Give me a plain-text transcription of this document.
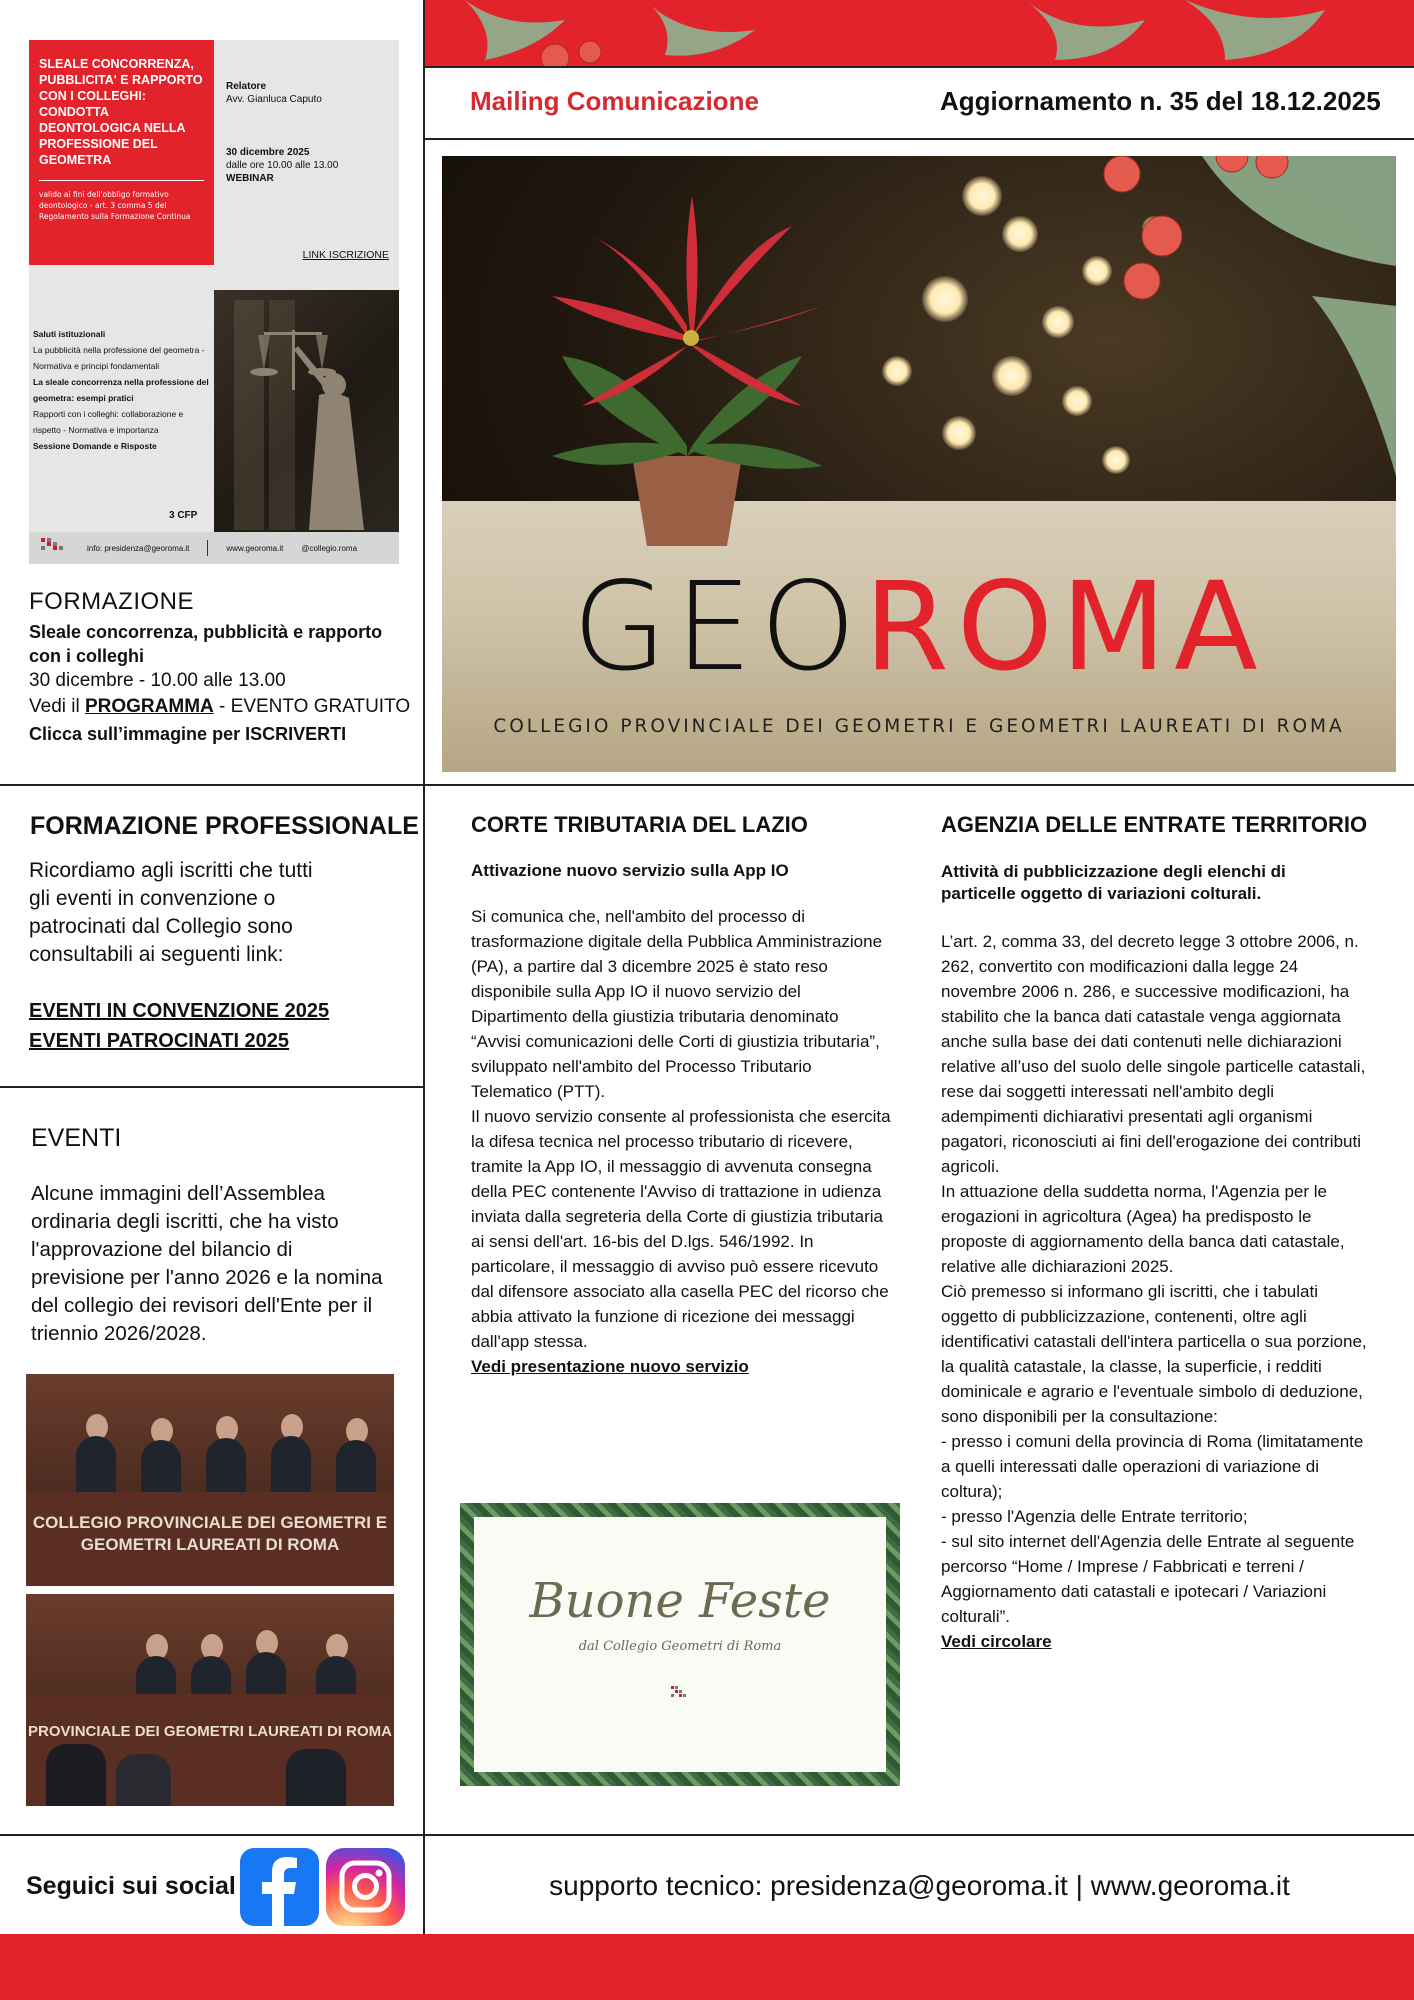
SLEALE CONCORRENZA, PUBBLICITA' E RAPPORTO CON I COLLEGHI: CONDOTTA DEONTOLOGICA NELLA PROFESSIONE DEL GEOMETRA

valido ai fini dell'obbligo formativo deontologico - art. 3 comma 5 del Regolamento sulla Formazione Continua

Relatore
Avv. Gianluca Caputo
30 dicembre 2025
dalle ore 10.00 alle 13.00
WEBINAR
LINK ISCRIZIONE
Saluti istituzionali
La pubblicità nella professione del geometra - Normativa e principi fondamentali
La sleale concorrenza nella professione del geometra: esempi pratici
Rapporti con i colleghi: collaborazione e rispetto - Normativa e importanza
Sessione Domande e Risposte
3 CFP
info: presidenza@georoma.it	www.georoma.it @collegio.roma
FORMAZIONE
Sleale concorrenza, pubblicità e rapporto con i colleghi
30 dicembre - 10.00 alle 13.00
Vedi il PROGRAMMA - EVENTO GRATUITO
Clicca sull’immagine per ISCRIVERTI
Mailing Comunicazione	Aggiornamento n. 35 del 18.12.2025
GEOROMA
COLLEGIO PROVINCIALE DEI GEOMETRI E GEOMETRI LAUREATI DI ROMA
FORMAZIONE PROFESSIONALE
Ricordiamo agli iscritti che tutti gli eventi in convenzione o patrocinati dal Collegio sono consultabili ai seguenti link:
EVENTI IN CONVENZIONE 2025
EVENTI PATROCINATI 2025
EVENTI
Alcune immagini dell’Assemblea ordinaria degli iscritti, che ha visto l'approvazione del bilancio di previsione per l'anno 2026 e la nomina del collegio dei revisori dell'Ente per il triennio 2026/2028.
COLLEGIO PROVINCIALE DEI GEOMETRI E GEOMETRI LAUREATI DI ROMA
PROVINCIALE DEI GEOMETRI LAUREATI DI ROMA
CORTE TRIBUTARIA DEL LAZIO
Attivazione nuovo servizio sulla App IO
Si comunica che, nell'ambito del processo di trasformazione digitale della Pubblica Amministrazione (PA), a partire dal 3 dicembre 2025 è stato reso disponibile sulla App IO il nuovo servizio del Dipartimento della giustizia tributaria denominato “Avvisi comunicazioni delle Corti di giustizia tributaria”, sviluppato nell'ambito del Processo Tributario Telematico (PTT).
Il nuovo servizio consente al professionista che esercita la difesa tecnica nel processo tributario di ricevere, tramite la App IO, il messaggio di avvenuta consegna della PEC contenente l'Avviso di trattazione in udienza inviata dalla segreteria della Corte di giustizia tributaria ai sensi dell'art. 16-bis del D.lgs. 546/1992. In particolare, il messaggio di avviso può essere ricevuto dal difensore associato alla casella PEC del ricorso che abbia attivato la funzione di ricezione dei messaggi dall'app stessa.
Vedi presentazione nuovo servizio
Buone Feste
dal Collegio Geometri di Roma
AGENZIA DELLE ENTRATE TERRITORIO
Attività di pubblicizzazione degli elenchi di particelle oggetto di variazioni colturali.
L’art. 2, comma 33, del decreto legge 3 ottobre 2006, n. 262, convertito con modificazioni dalla legge 24 novembre 2006 n. 286, e successive modificazioni, ha stabilito che la banca dati catastale venga aggiornata anche sulla base dei dati contenuti nelle dichiarazioni relative all’uso del suolo delle singole particelle catastali, rese dai soggetti interessati nell'ambito degli adempimenti dichiarativi presentati agli organismi pagatori, riconosciuti ai fini dell'erogazione dei contributi agricoli.
In attuazione della suddetta norma, l'Agenzia per le erogazioni in agricoltura (Agea) ha predisposto le proposte di aggiornamento della banca dati catastale, relative alle dichiarazioni 2025.
Ciò premesso si informano gli iscritti, che i tabulati oggetto di pubblicizzazione, contenenti, oltre agli identificativi catastali dell'intera particella o sua porzione, la qualità catastale, la classe, la superficie, i redditi dominicale e agrario e l'eventuale simbolo di deduzione, sono disponibili per la consultazione:
- presso i comuni della provincia di Roma (limitatamente a quelli interessati dalle operazioni di variazione di coltura);
- presso l'Agenzia delle Entrate territorio;
- sul sito internet dell'Agenzia delle Entrate al seguente percorso “Home / Imprese / Fabbricati e terreni / Aggiornamento dati catastali e ipotecari / Variazioni colturali”.
Vedi circolare
Seguici sui social	supporto tecnico: presidenza@georoma.it | www.georoma.it
